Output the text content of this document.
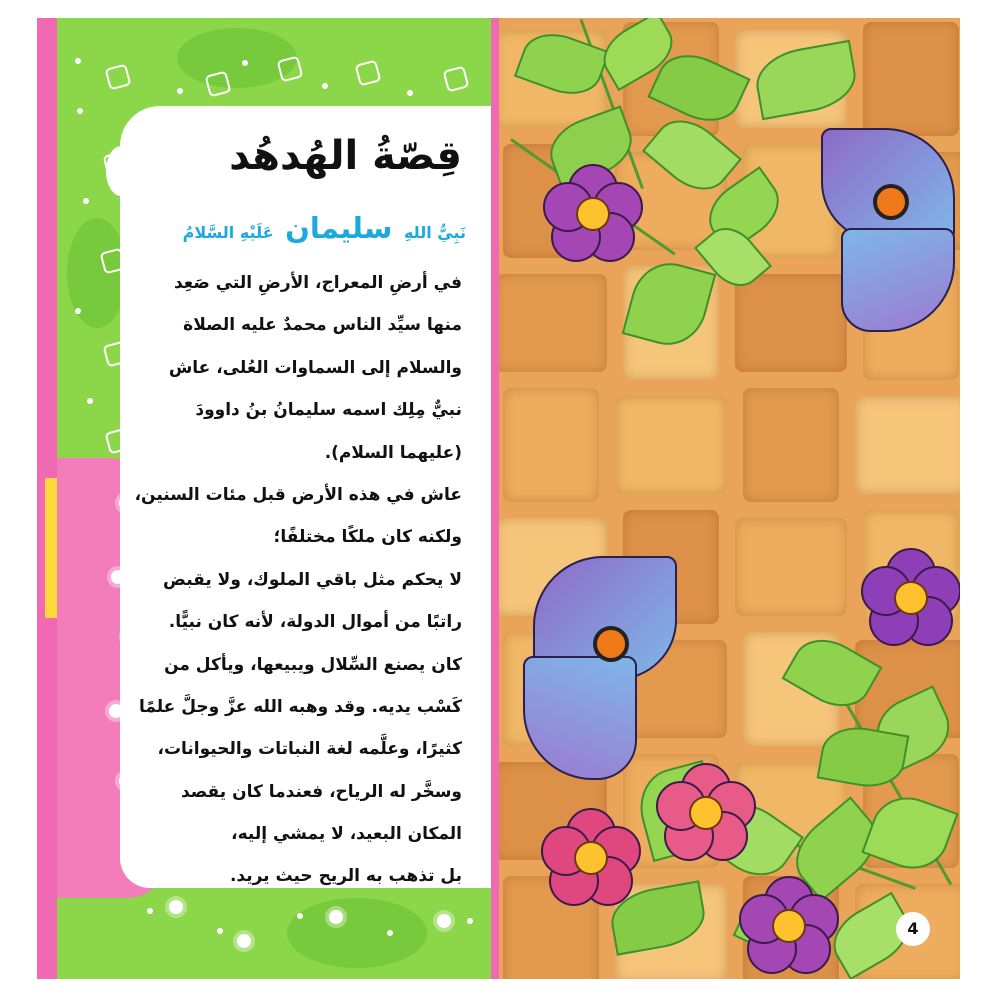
قِصّةُ الهُدهُد
نَبِيُّ اللهِ سليمان عَلَيْهِ السَّلامُ
في أرضِ المعراج، الأرضِ التي صَعِد
منها سيِّد الناس محمدٌ عليه الصلاة
والسلام إلى السماوات العُلى، عاش
نبيٌّ مِلِك اسمه سليمانُ بنُ داوودَ
(عليهما السلام).
عاش في هذه الأرض قبل مئات السنين،
ولكنه كان ملكًا مختلفًا؛
لا يحكم مثل باقي الملوك، ولا يقبض
راتبًا من أموال الدولة، لأنه كان نبيًّا.
كان يصنع السِّلال ويبيعها، ويأكل من
كَسْب يديه. وقد وهبه الله عزَّ وجلَّ علمًا
كثيرًا، وعلَّمه لغة النباتات والحيوانات،
وسخَّر له الرياح، فعندما كان يقصد
المكان البعيد، لا يمشي إليه،
بل تذهب به الريح حيث يريد.
4
